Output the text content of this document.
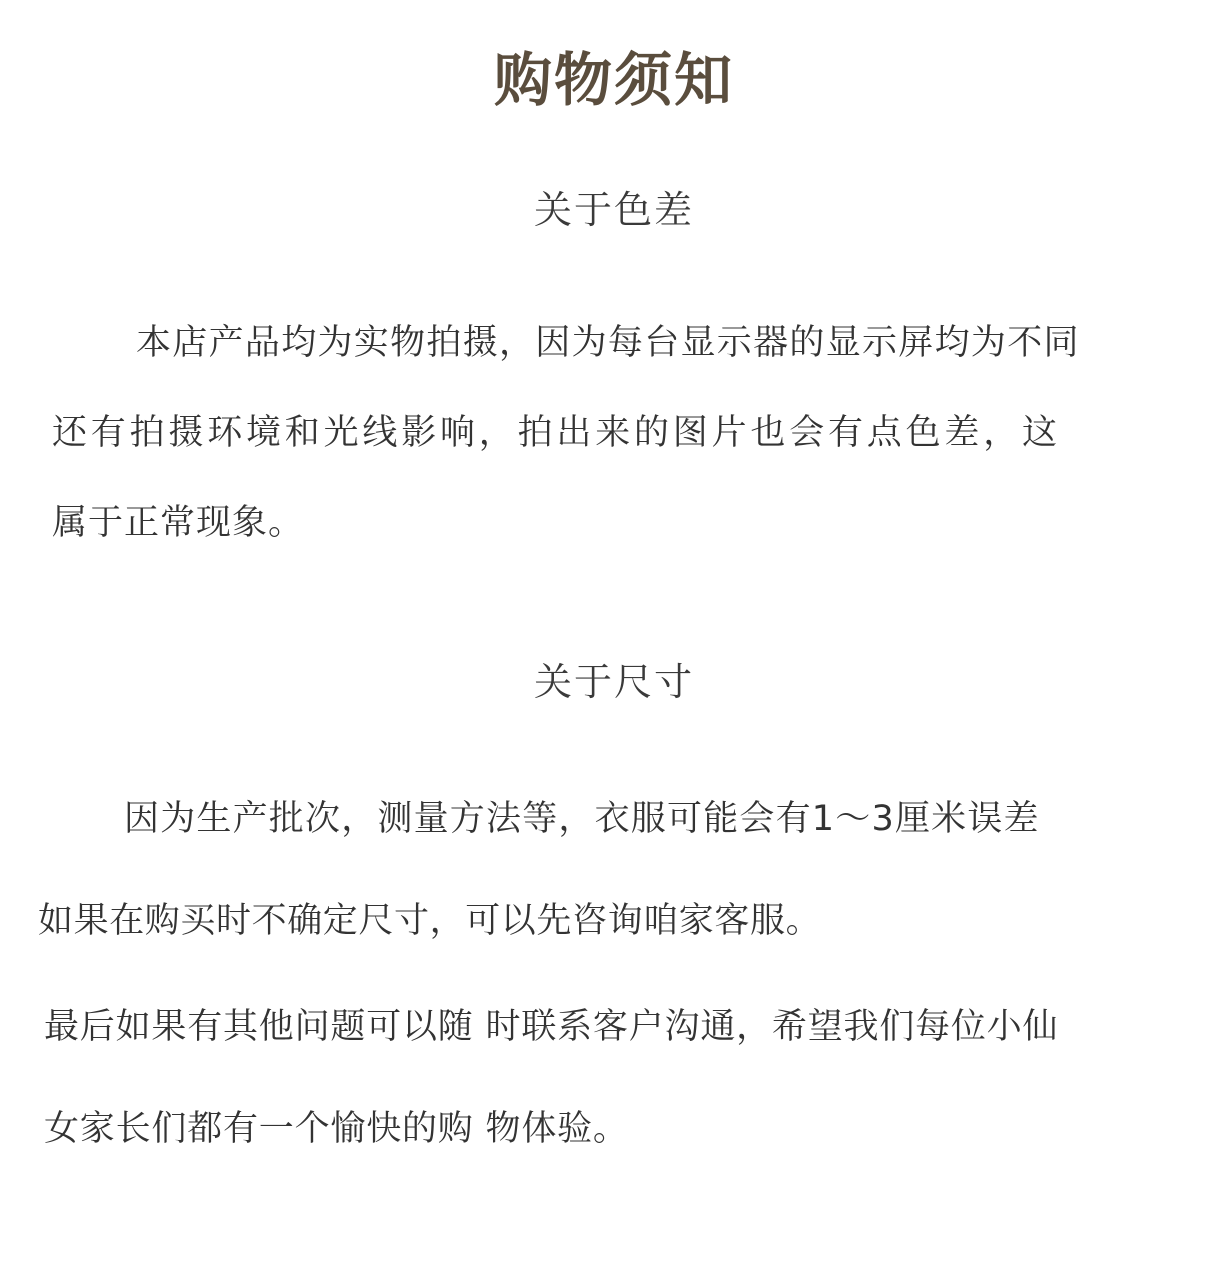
购物须知
关于色差
本店产品均为实物拍摄，因为每台显示器的显示屏均为不同
还有拍摄环境和光线影响，拍出来的图片也会有点色差，这
属于正常现象。
关于尺寸
因为生产批次，测量方法等，衣服可能会有1～3厘米误差
如果在购买时不确定尺寸，可以先咨询咱家客服。
最后如果有其他问题可以随 时联系客户沟通，希望我们每位小仙
女家长们都有一个愉快的购 物体验。
